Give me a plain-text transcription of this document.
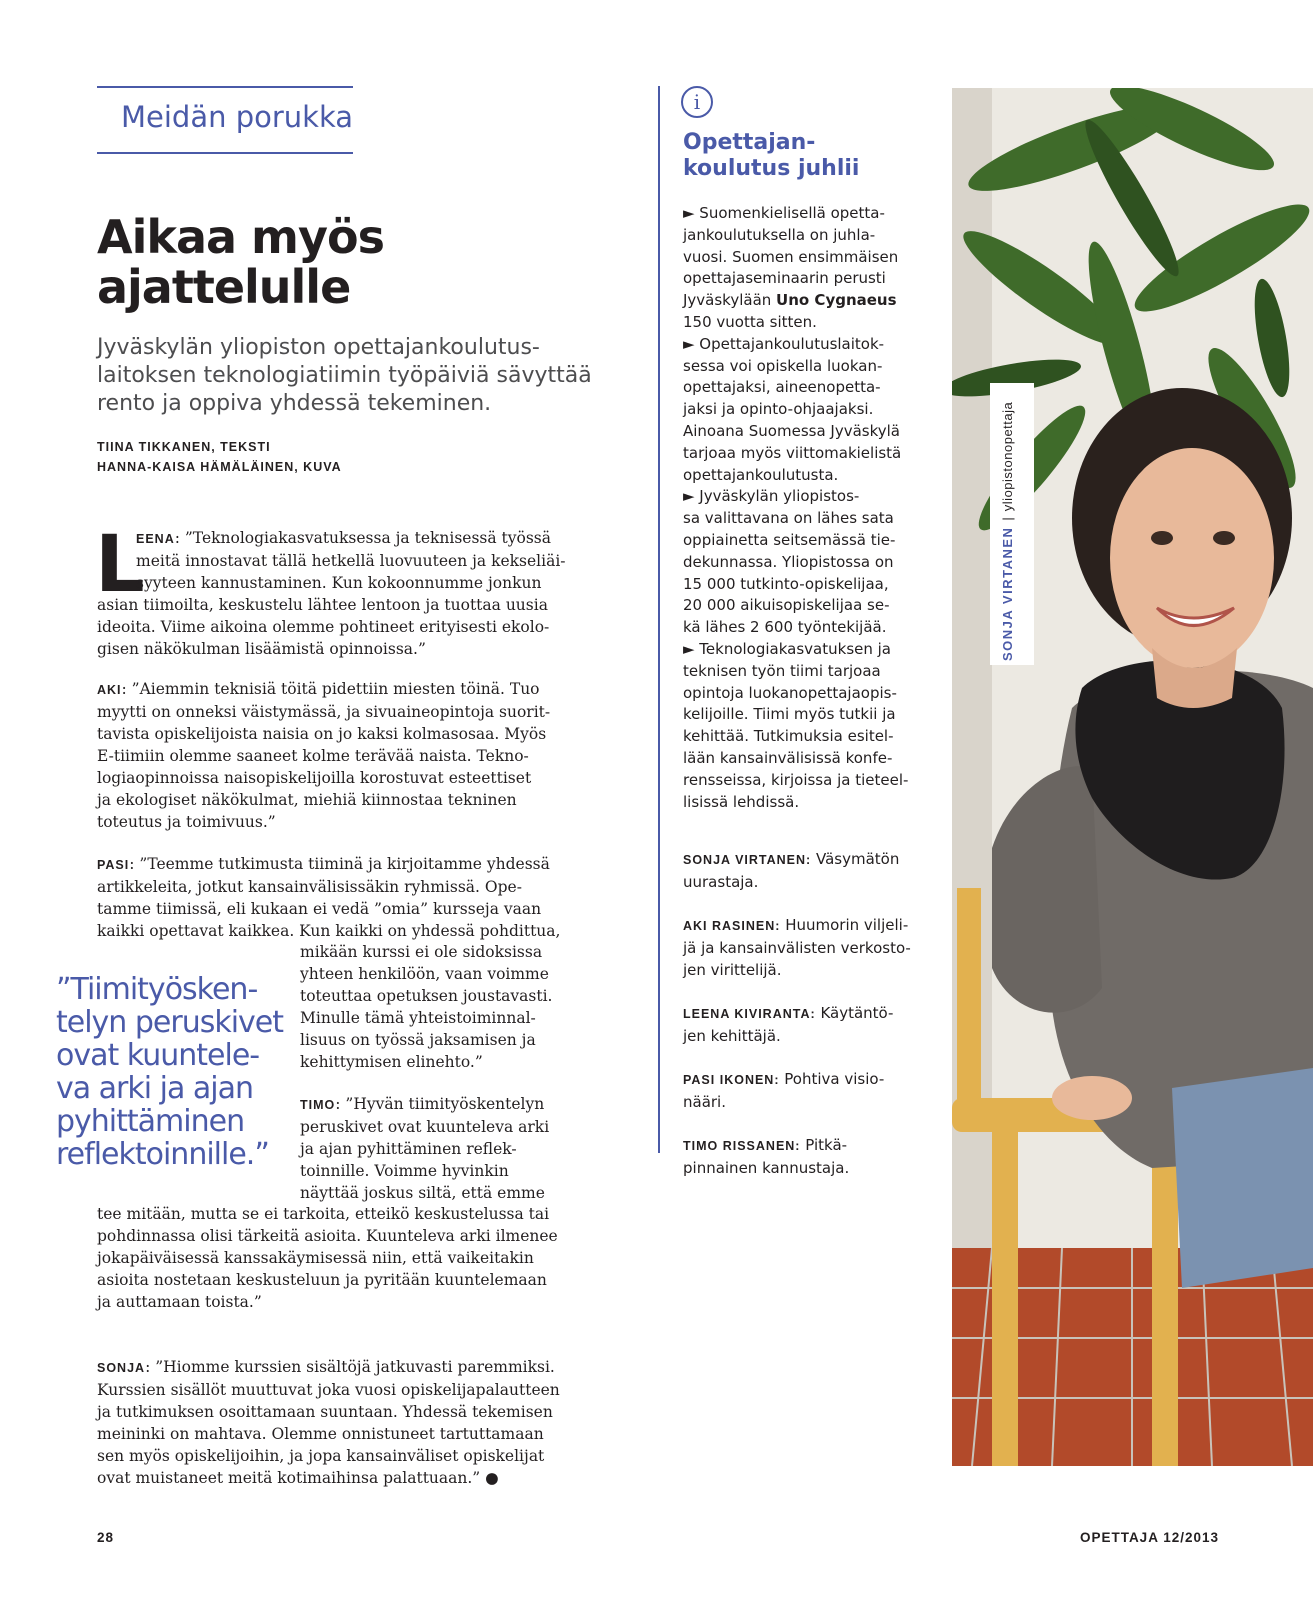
Meidän porukka
Aikaa myös
ajattelulle
Jyväskylän yliopiston opettajankoulutus-
laitoksen teknologiatiimin työpäiviä sävyttää
rento ja oppiva yhdessä tekeminen.
TIINA TIKKANEN, TEKSTI
HANNA-KAISA HÄMÄLÄINEN, KUVA
L
EENA: ”Teknologiakasvatuksessa ja teknisessä työssä
meitä innostavat tällä hetkellä luovuuteen ja kekseliäi-
syyteen kannustaminen. Kun kokoonnumme jonkun
asian tiimoilta, keskustelu lähtee lentoon ja tuottaa uusia
ideoita. Viime aikoina olemme pohtineet erityisesti ekolo-
gisen näkökulman lisäämistä opinnoissa.”
AKI: ”Aiemmin teknisiä töitä pidettiin miesten töinä. Tuo
myytti on onneksi väistymässä, ja sivuaineopintoja suorit-
tavista opiskelijoista naisia on jo kaksi kolmasosaa. Myös
E-tiimiin olemme saaneet kolme terävää naista. Tekno-
logiaopinnoissa naisopiskelijoilla korostuvat esteettiset
ja ekologiset näkökulmat, miehiä kiinnostaa tekninen
toteutus ja toimivuus.”
PASI: ”Teemme tutkimusta tiiminä ja kirjoitamme yhdessä
artikkeleita, jotkut kansainvälisissäkin ryhmissä. Ope-
tamme tiimissä, eli kukaan ei vedä ”omia” kursseja vaan
kaikki opettavat kaikkea. Kun kaikki on yhdessä pohdittua,
mikään kurssi ei ole sidoksissa
yhteen henkilöön, vaan voimme
toteuttaa opetuksen joustavasti.
Minulle tämä yhteistoiminnal-
lisuus on työssä jaksamisen ja
kehittymisen elinehto.”
”Tiimityösken-
telyn peruskivet
ovat kuuntele-
va arki ja ajan
pyhittäminen
reflektoinnille.”
TIMO: ”Hyvän tiimityöskentelyn
peruskivet ovat kuunteleva arki
ja ajan pyhittäminen reflek-
toinnille. Voimme hyvinkin
näyttää joskus siltä, että emme
tee mitään, mutta se ei tarkoita, etteikö keskustelussa tai
pohdinnassa olisi tärkeitä asioita. Kuunteleva arki ilmenee
jokapäiväisessä kanssakäymisessä niin, että vaikeitakin
asioita nostetaan keskusteluun ja pyritään kuuntelemaan
ja auttamaan toista.”
SONJA: ”Hiomme kurssien sisältöjä jatkuvasti paremmiksi.
Kurssien sisällöt muuttuvat joka vuosi opiskelijapalautteen
ja tutkimuksen osoittamaan suuntaan. Yhdessä tekemisen
meininki on mahtava. Olemme onnistuneet tartuttamaan
sen myös opiskelijoihin, ja jopa kansainväliset opiskelijat
ovat muistaneet meitä kotimaihinsa palattuaan.” ●
i
Opettajan-
koulutus juhlii
► Suomenkielisellä opetta-
jankoulutuksella on juhla-
vuosi. Suomen ensimmäisen
opettajaseminaarin perusti
Jyväskylään Uno Cygnaeus
150 vuotta sitten.
► Opettajankoulutuslaitok-
sessa voi opiskella luokan-
opettajaksi, aineenopetta-
jaksi ja opinto-ohjaajaksi.
Ainoana Suomessa Jyväskylä
tarjoaa myös viittomakielistä
opettajankoulutusta.
► Jyväskylän yliopistos-
sa valittavana on lähes sata
oppiainetta seitsemässä tie-
dekunnassa. Yliopistossa on
15 000 tutkinto-opiskelijaa,
20 000 aikuisopiskelijaa se-
kä lähes 2 600 työntekijää.
► Teknologiakasvatuksen ja
teknisen työn tiimi tarjoaa
opintoja luokanopettajaopis-
kelijoille. Tiimi myös tutkii ja
kehittää. Tutkimuksia esitel-
lään kansainvälisissä konfe-
rensseissa, kirjoissa ja tieteel-
lisissä lehdissä.
SONJA VIRTANEN: Väsymätön
uurastaja.
AKI RASINEN: Huumorin viljeli-
jä ja kansainvälisten verkosto-
jen virittelijä.
LEENA KIVIRANTA: Käytäntö-
jen kehittäjä.
PASI IKONEN: Pohtiva visio-
nääri.
TIMO RISSANEN: Pitkä-
pinnainen kannustaja.
SONJA VIRTANEN|yliopistonopettaja
28	OPETTAJA 12/2013
